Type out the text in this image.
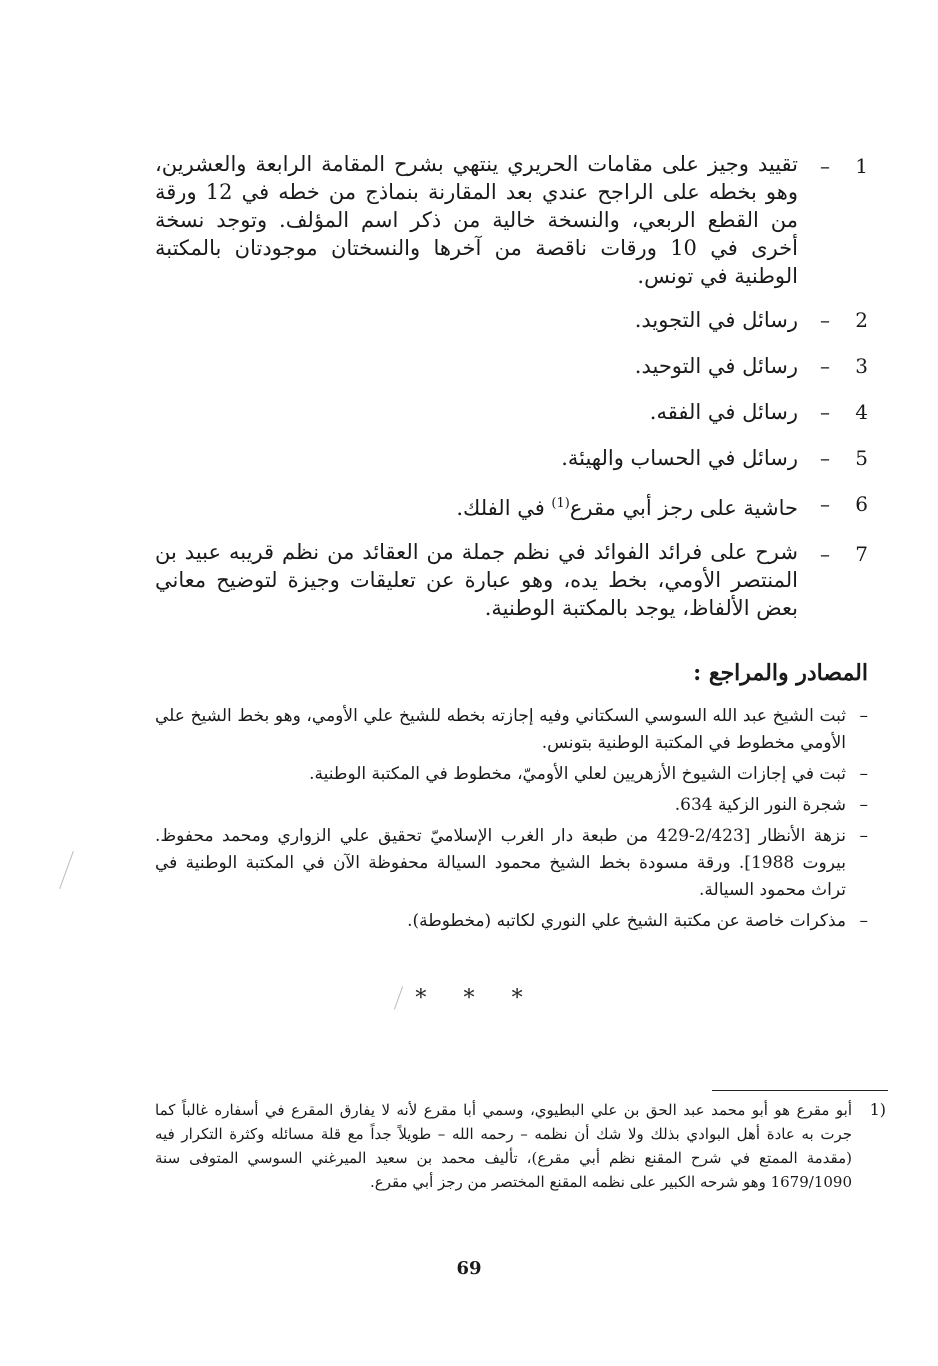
1
–
تقييد وجيز على مقامات الحريري ينتهي بشرح المقامة الرابعة والعشرين، وهو بخطه على الراجح عندي بعد المقارنة بنماذج من خطه في 12 ورقة من القطع الربعي، والنسخة خالية من ذكر اسم المؤلف. وتوجد نسخة أخرى في 10 ورقات ناقصة من آخرها والنسختان موجودتان بالمكتبة الوطنية في تونس.
2
–
رسائل في التجويد.
3
–
رسائل في التوحيد.
4
–
رسائل في الفقه.
5
–
رسائل في الحساب والهيئة.
6
–
حاشية على رجز أبي مقرع$^{(1)}$ في الفلك.
7
–
شرح على فرائد الفوائد في نظم جملة من العقائد من نظم قريبه عبيد بن المنتصر الأومي، بخط يده، وهو عبارة عن تعليقات وجيزة لتوضيح معاني بعض الألفاظ، يوجد بالمكتبة الوطنية.
المصادر والمراجع :
–
ثبت الشيخ عبد الله السوسي السكتاني وفيه إجازته بخطه للشيخ علي الأومي، وهو بخط الشيخ علي الأومي مخطوط في المكتبة الوطنية بتونس.
–
ثبت في إجازات الشيوخ الأزهريين لعلي الأوميّ، مخطوط في المكتبة الوطنية.
–
شجرة النور الزكية 634.
–
نزهة الأنظار [2/423-429 من طبعة دار الغرب الإسلاميّ تحقيق علي الزواري ومحمد محفوظ. بيروت 1988]. ورقة مسودة بخط الشيخ محمود السيالة محفوظة الآن في المكتبة الوطنية في تراث محمود السيالة.
–
مذكرات خاصة عن مكتبة الشيخ علي النوري لكاتبه (مخطوطة).
* * *
(1
أبو مقرع هو أبو محمد عبد الحق بن علي البطيوي، وسمي أبا مقرع لأنه لا يفارق المقرع في أسفاره غالباً كما جرت به عادة أهل البوادي بذلك ولا شك أن نظمه – رحمه الله – طويلاً جداً مع قلة مسائله وكثرة التكرار فيه (مقدمة الممتع في شرح المقنع نظم أبي مقرع)، تأليف محمد بن سعيد الميرغني السوسي المتوفى سنة 1679/1090 وهو شرحه الكبير على نظمه المقنع المختصر من رجز أبي مقرع.
69
